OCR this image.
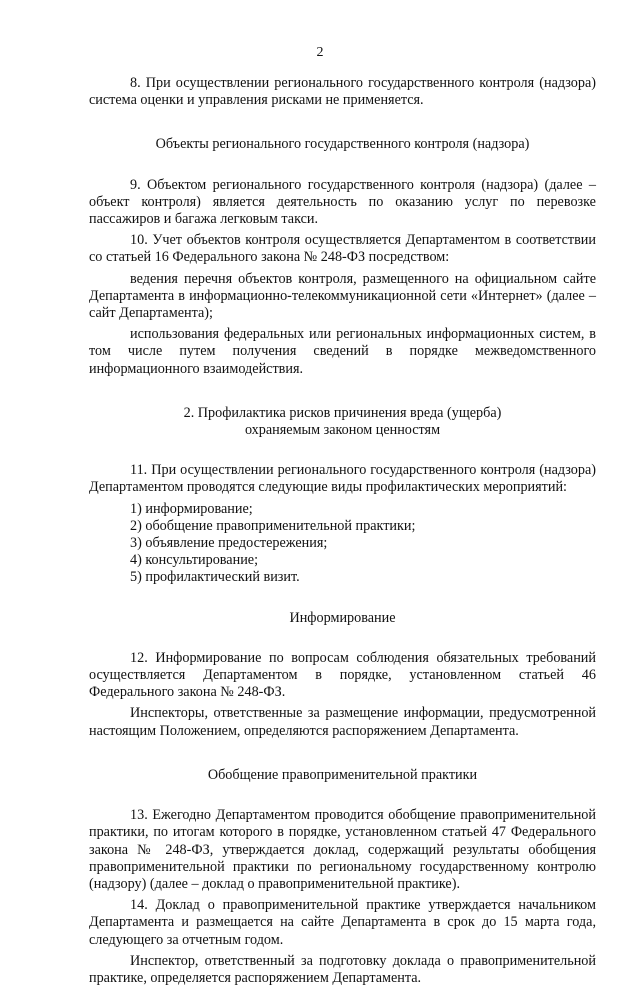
2

8. При осуществлении регионального государственного контроля (надзора) система оценки и управления рисками не применяется.

Объекты регионального государственного контроля (надзора)

9. Объектом регионального государственного контроля (надзора) (далее – объект контроля) является деятельность по оказанию услуг по перевозке пассажиров и багажа легковым такси.

10. Учет объектов контроля осуществляется Департаментом в соответствии со статьей 16 Федерального закона № 248-ФЗ посредством:

ведения перечня объектов контроля, размещенного на официальном сайте Департамента в информационно-телекоммуникационной сети «Интернет» (далее – сайт Департамента);

использования федеральных или региональных информационных систем, в том числе путем получения сведений в порядке межведомственного информационного взаимодействия.

2. Профилактика рисков причинения вреда (ущерба)

охраняемым законом ценностям

11. При осуществлении регионального государственного контроля (надзора) Департаментом проводятся следующие виды профилактических мероприятий:

1) информирование;
2) обобщение правоприменительной практики;
3) объявление предостережения;
4) консультирование;
5) профилактический визит.

Информирование

12. Информирование по вопросам соблюдения обязательных требований осуществляется Департаментом в порядке, установленном статьей 46 Федерального закона № 248-ФЗ.

Инспекторы, ответственные за размещение информации, предусмотренной настоящим Положением, определяются распоряжением Департамента.

Обобщение правоприменительной практики

13. Ежегодно Департаментом проводится обобщение правоприменительной практики, по итогам которого в порядке, установленном статьей 47 Федерального закона № 248-ФЗ, утверждается доклад, содержащий результаты обобщения правоприменительной практики по региональному государственному контролю (надзору) (далее – доклад о правоприменительной практике).

14. Доклад о правоприменительной практике утверждается начальником Департамента и размещается на сайте Департамента в срок до 15 марта года, следующего за отчетным годом.

Инспектор, ответственный за подготовку доклада о правоприменительной практике, определяется распоряжением Департамента.
